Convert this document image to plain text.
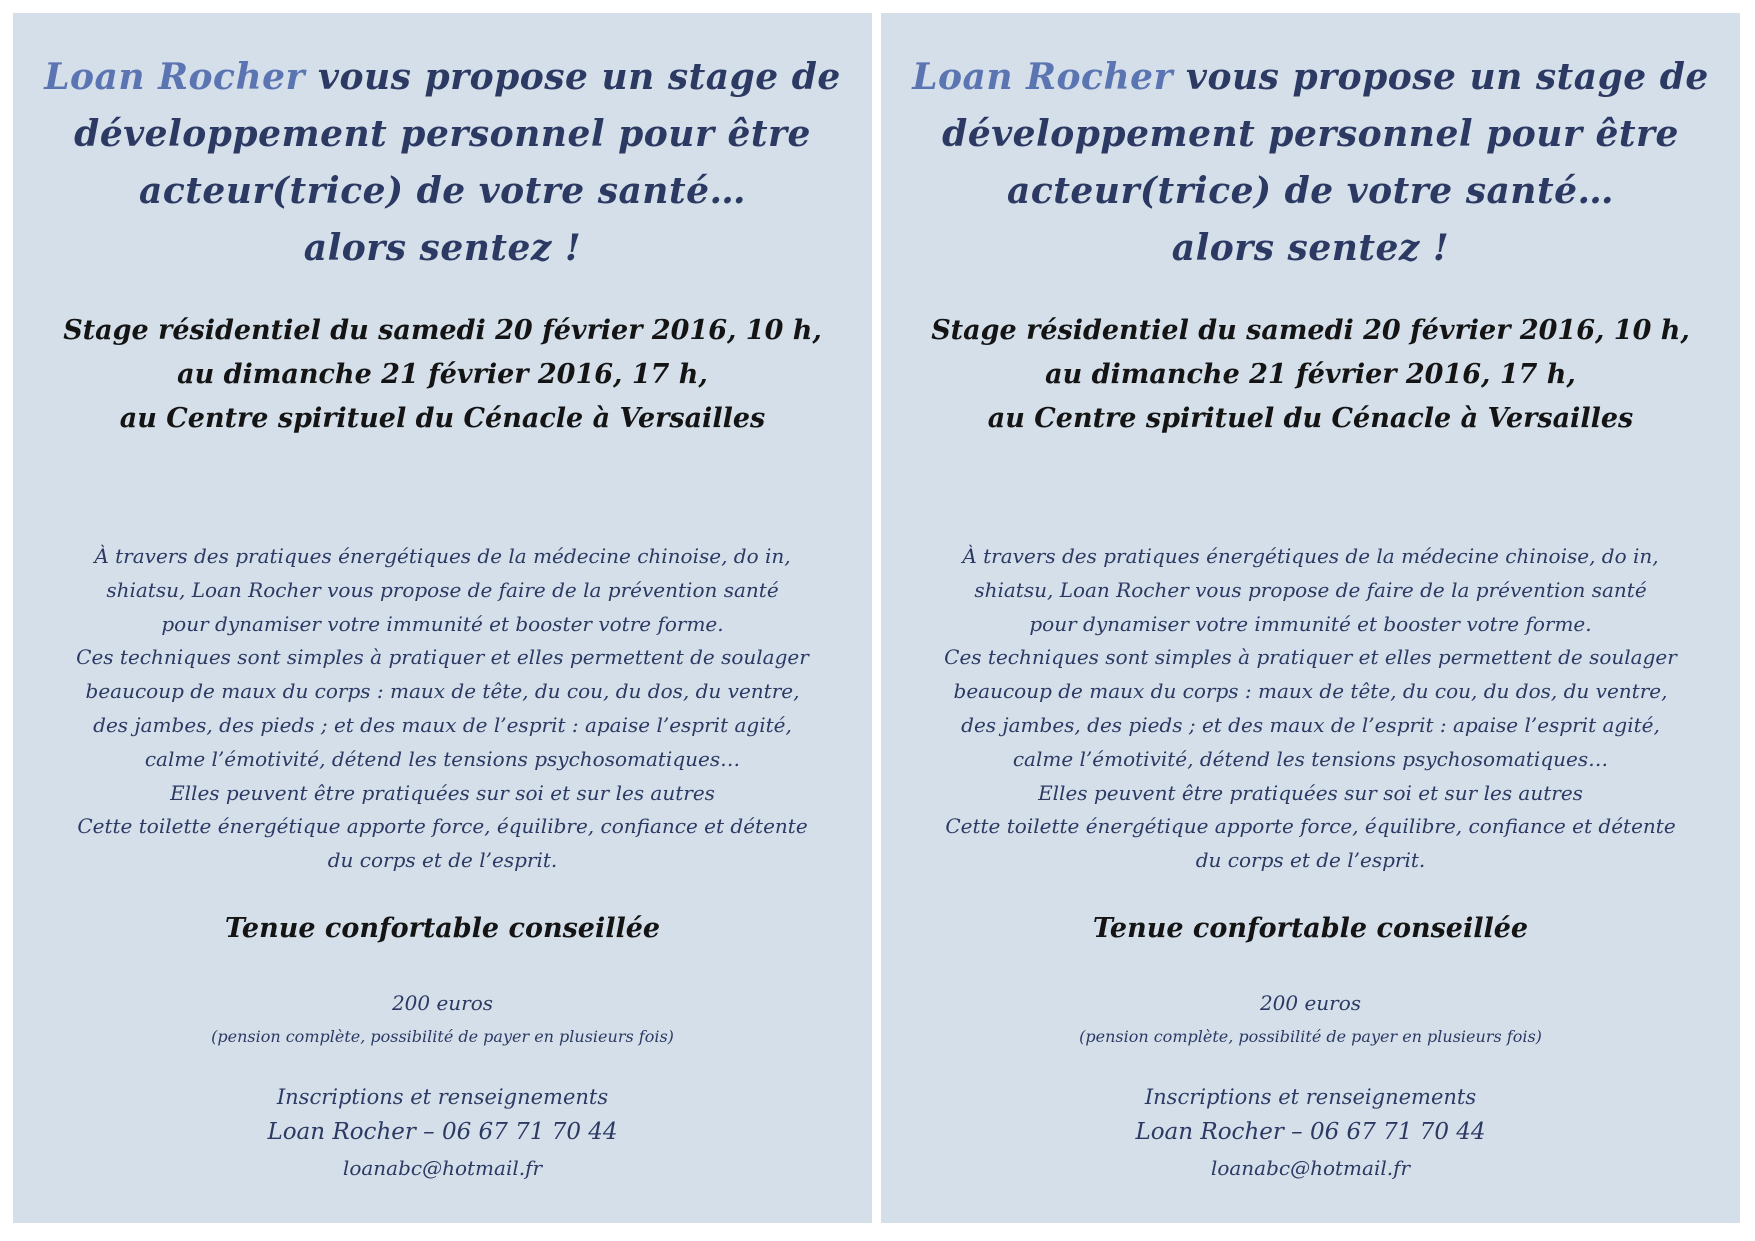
Loan Rocher vous propose un stage de
développement personnel pour être
acteur(trice) de votre santé…
alors sentez !
Stage résidentiel du samedi 20 février 2016, 10 h,
au dimanche 21 février 2016, 17 h,
au Centre spirituel du Cénacle à Versailles
À travers des pratiques énergétiques de la médecine chinoise, do in,
shiatsu, Loan Rocher vous propose de faire de la prévention santé
pour dynamiser votre immunité et booster votre forme.
Ces techniques sont simples à pratiquer et elles permettent de soulager
beaucoup de maux du corps : maux de tête, du cou, du dos, du ventre,
des jambes, des pieds ; et des maux de l’esprit : apaise l’esprit agité,
calme l’émotivité, détend les tensions psychosomatiques…
Elles peuvent être pratiquées sur soi et sur les autres
Cette toilette énergétique apporte force, équilibre, confiance et détente
du corps et de l’esprit.
Tenue confortable conseillée
200 euros
(pension complète, possibilité de payer en plusieurs fois)
Inscriptions et renseignements
Loan Rocher – 06 67 71 70 44
loanabc@hotmail.fr
Loan Rocher vous propose un stage de
développement personnel pour être
acteur(trice) de votre santé…
alors sentez !
Stage résidentiel du samedi 20 février 2016, 10 h,
au dimanche 21 février 2016, 17 h,
au Centre spirituel du Cénacle à Versailles
À travers des pratiques énergétiques de la médecine chinoise, do in,
shiatsu, Loan Rocher vous propose de faire de la prévention santé
pour dynamiser votre immunité et booster votre forme.
Ces techniques sont simples à pratiquer et elles permettent de soulager
beaucoup de maux du corps : maux de tête, du cou, du dos, du ventre,
des jambes, des pieds ; et des maux de l’esprit : apaise l’esprit agité,
calme l’émotivité, détend les tensions psychosomatiques…
Elles peuvent être pratiquées sur soi et sur les autres
Cette toilette énergétique apporte force, équilibre, confiance et détente
du corps et de l’esprit.
Tenue confortable conseillée
200 euros
(pension complète, possibilité de payer en plusieurs fois)
Inscriptions et renseignements
Loan Rocher – 06 67 71 70 44
loanabc@hotmail.fr
